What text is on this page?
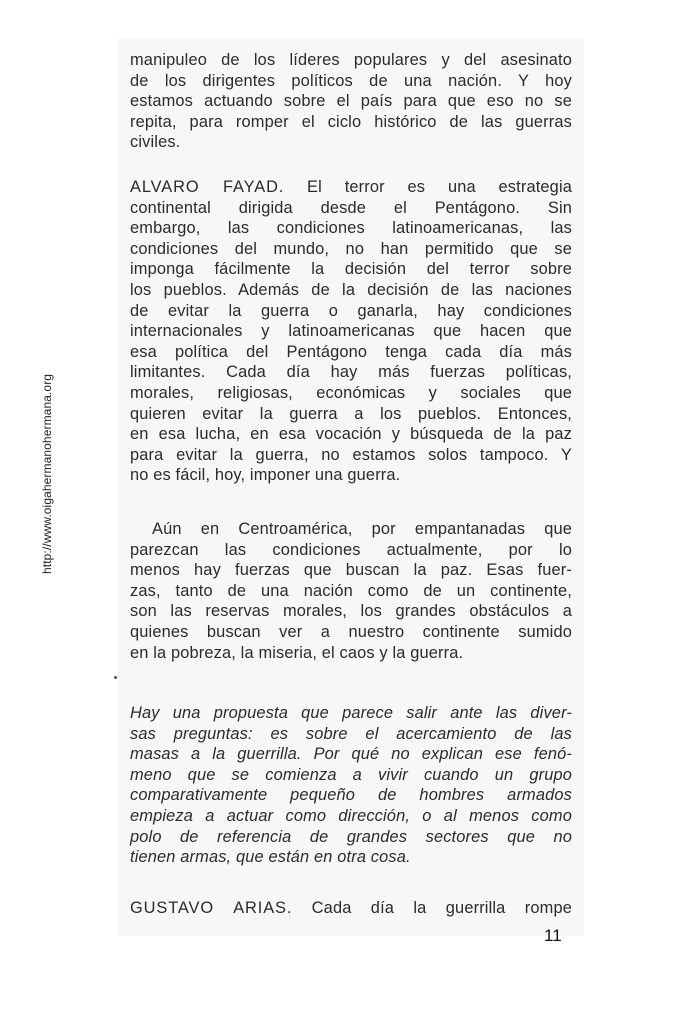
http://www.oigahermanohermana.org
manipuleo de los líderes populares y del asesinato
de los dirigentes políticos de una nación. Y hoy
estamos actuando sobre el país para que eso no se
repita, para romper el ciclo histórico de las guerras
civiles.
ALVARO FAYAD. El terror es una estrategia
continental dirigida desde el Pentágono. Sin
embargo, las condiciones latinoamericanas, las
condiciones del mundo, no han permitido que se
imponga fácilmente la decisión del terror sobre
los pueblos. Además de la decisión de las naciones
de evitar la guerra o ganarla, hay condiciones
internacionales y latinoamericanas que hacen que
esa política del Pentágono tenga cada día más
limitantes. Cada día hay más fuerzas políticas,
morales, religiosas, económicas y sociales que
quieren evitar la guerra a los pueblos. Entonces,
en esa lucha, en esa vocación y búsqueda de la paz
para evitar la guerra, no estamos solos tampoco. Y
no es fácil, hoy, imponer una guerra.
Aún en Centroamérica, por empantanadas que
parezcan las condiciones actualmente, por lo
menos hay fuerzas que buscan la paz. Esas fuer-
zas, tanto de una nación como de un continente,
son las reservas morales, los grandes obstáculos a
quienes buscan ver a nuestro continente sumido
en la pobreza, la miseria, el caos y la guerra.
Hay una propuesta que parece salir ante las diver-
sas preguntas: es sobre el acercamiento de las
masas a la guerrilla. Por qué no explican ese fenó-
meno que se comienza a vivir cuando un grupo
comparativamente pequeño de hombres armados
empieza a actuar como dirección, o al menos como
polo de referencia de grandes sectores que no
tienen armas, que están en otra cosa.
GUSTAVO ARIAS. Cada día la guerrilla rompe
11
